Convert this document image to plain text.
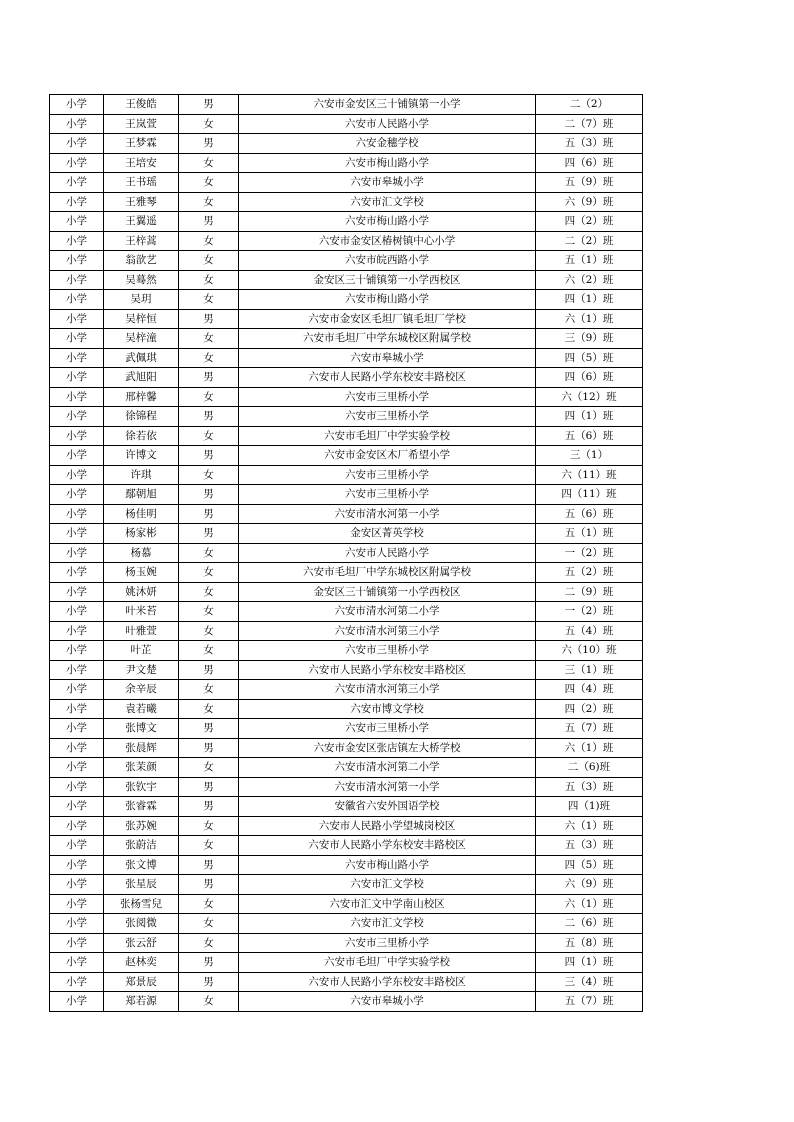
小学	王俊皓	男	六安市金安区三十铺镇第一小学	二（2）
小学	王岚萱	女	六安市人民路小学	二（7）班
小学	王梦霖	男	六安金穗学校	五（3）班
小学	王培安	女	六安市梅山路小学	四（6）班
小学	王书瑶	女	六安市皋城小学	五（9）班
小学	王雅琴	女	六安市汇文学校	六（9）班
小学	王翼遥	男	六安市梅山路小学	四（2）班
小学	王梓蒿	女	六安市金安区椿树镇中心小学	二（2）班
小学	翁歆艺	女	六安市皖西路小学	五（1）班
小学	吴蓦然	女	金安区三十铺镇第一小学西校区	六（2）班
小学	吴玥	女	六安市梅山路小学	四（1）班
小学	吴梓恒	男	六安市金安区毛坦厂镇毛坦厂学校	六（1）班
小学	吴梓潼	女	六安市毛坦厂中学东城校区附属学校	三（9）班
小学	武佩琪	女	六安市皋城小学	四（5）班
小学	武旭阳	男	六安市人民路小学东校安丰路校区	四（6）班
小学	邢梓馨	女	六安市三里桥小学	六（12）班
小学	徐锦程	男	六安市三里桥小学	四（1）班
小学	徐若依	女	六安市毛坦厂中学实验学校	五（6）班
小学	许博文	男	六安市金安区木厂希望小学	三（1）
小学	许琪	女	六安市三里桥小学	六（11）班
小学	鄢朝旭	男	六安市三里桥小学	四（11）班
小学	杨佳明	男	六安市清水河第一小学	五（6）班
小学	杨家彬	男	金安区菁英学校	五（1）班
小学	杨慕	女	六安市人民路小学	一（2）班
小学	杨玉婉	女	六安市毛坦厂中学东城校区附属学校	五（2）班
小学	姚沐妍	女	金安区三十铺镇第一小学西校区	二（9）班
小学	叶米苔	女	六安市清水河第二小学	一（2）班
小学	叶雅萱	女	六安市清水河第三小学	五（4）班
小学	叶芷	女	六安市三里桥小学	六（10）班
小学	尹文楚	男	六安市人民路小学东校安丰路校区	三（1）班
小学	余辛辰	女	六安市清水河第三小学	四（4）班
小学	袁若曦	女	六安市博文学校	四（2）班
小学	张博文	男	六安市三里桥小学	五（7）班
小学	张晨辉	男	六安市金安区张店镇左大桥学校	六（1）班
小学	张茉颜	女	六安市清水河第二小学	二（6)班
小学	张钦宇	男	六安市清水河第一小学	五（3）班
小学	张睿霖	男	安徽省六安外国语学校	四（1)班
小学	张苏婉	女	六安市人民路小学望城岗校区	六（1）班
小学	张蔚洁	女	六安市人民路小学东校安丰路校区	五（3）班
小学	张文博	男	六安市梅山路小学	四（5）班
小学	张星辰	男	六安市汇文学校	六（9）班
小学	张杨雪兒	女	六安市汇文中学南山校区	六（1）班
小学	张阅微	女	六安市汇文学校	二（6）班
小学	张云舒	女	六安市三里桥小学	五（8）班
小学	赵林奕	男	六安市毛坦厂中学实验学校	四（1）班
小学	郑景辰	男	六安市人民路小学东校安丰路校区	三（4）班
小学	郑若源	女	六安市皋城小学	五（7）班
